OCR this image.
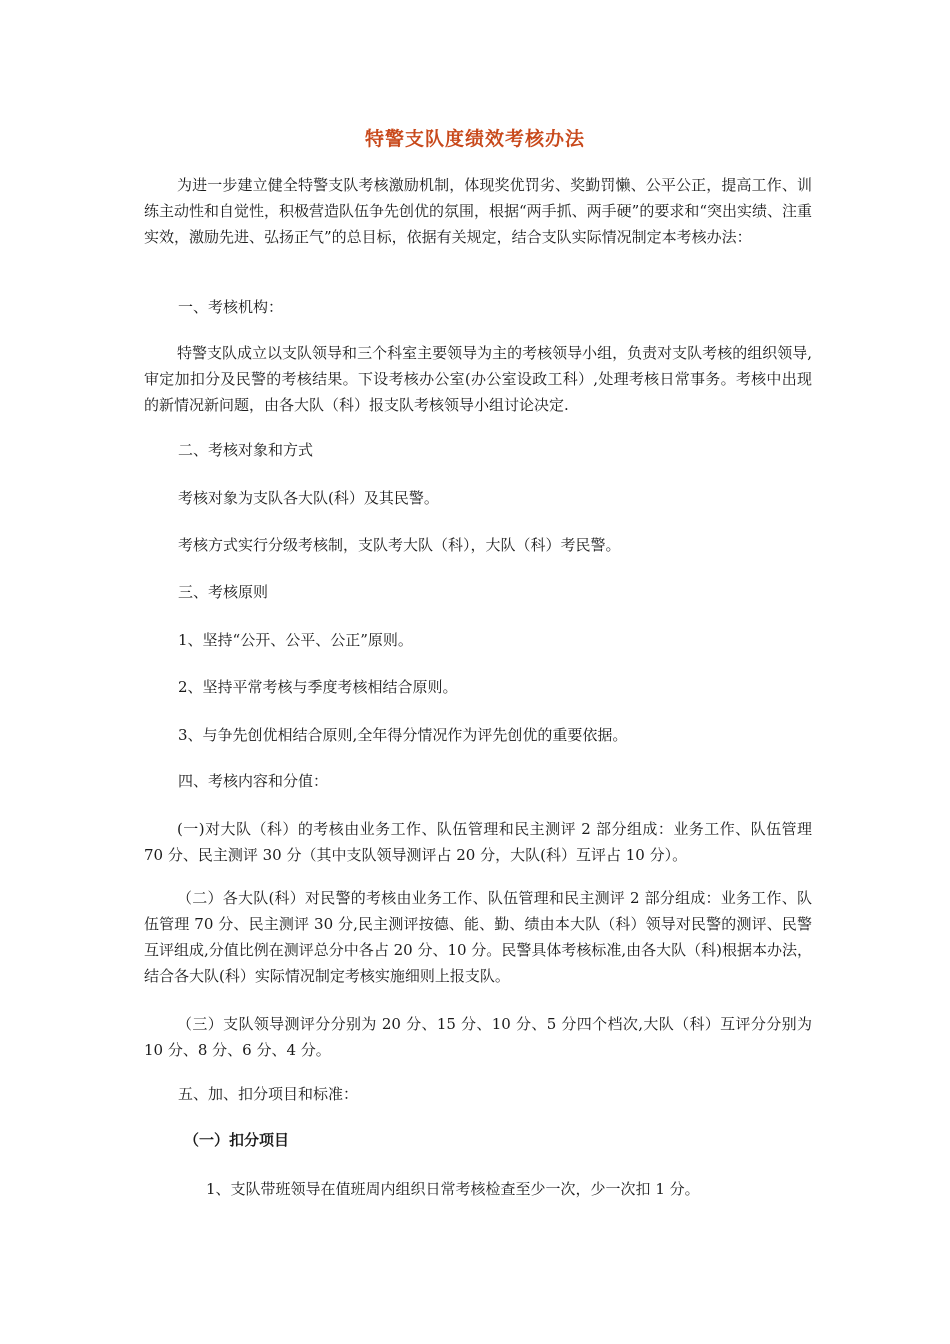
特警支队度绩效考核办法

为进一步建立健全特警支队考核激励机制，体现奖优罚劣、奖勤罚懒、公平公正，提高工作、训练主动性和自觉性，积极营造队伍争先创优的氛围，根据“两手抓、两手硬”的要求和“突出实绩、注重实效，激励先进、弘扬正气”的总目标，依据有关规定，结合支队实际情况制定本考核办法：

一、考核机构：

特警支队成立以支队领导和三个科室主要领导为主的考核领导小组，负责对支队考核的组织领导,审定加扣分及民警的考核结果。下设考核办公室(办公室设政工科）,处理考核日常事务。考核中出现的新情况新问题，由各大队（科）报支队考核领导小组讨论决定.

二、考核对象和方式

考核对象为支队各大队(科）及其民警。

考核方式实行分级考核制，支队考大队（科），大队（科）考民警。

三、考核原则

1、坚持“公开、公平、公正”原则。

2、坚持平常考核与季度考核相结合原则。

3、与争先创优相结合原则,全年得分情况作为评先创优的重要依据。

四、考核内容和分值：

(一)对大队（科）的考核由业务工作、队伍管理和民主测评 2 部分组成：业务工作、队伍管理 70 分、民主测评 30 分（其中支队领导测评占 20 分，大队(科）互评占 10 分）。

（二）各大队(科）对民警的考核由业务工作、队伍管理和民主测评 2 部分组成：业务工作、队伍管理 70 分、民主测评 30 分,民主测评按德、能、勤、绩由本大队（科）领导对民警的测评、民警互评组成,分值比例在测评总分中各占 20 分、10 分。民警具体考核标准,由各大队（科)根据本办法，结合各大队(科）实际情况制定考核实施细则上报支队。

（三）支队领导测评分分别为 20 分、15 分、10 分、5 分四个档次,大队（科）互评分分别为 10 分、8 分、6 分、4 分。

五、加、扣分项目和标准：

（一）扣分项目

1、支队带班领导在值班周内组织日常考核检查至少一次，少一次扣 1 分。
